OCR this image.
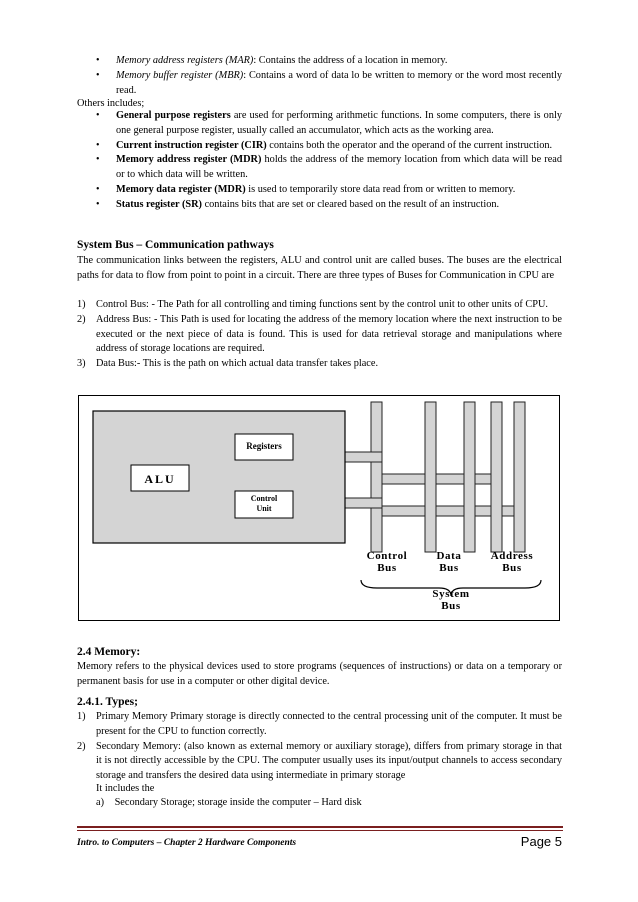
• Memory address registers (MAR): Contains the address of a location in memory.
• Memory buffer register (MBR): Contains a word of data lo be written to memory or the word most recently read.
Others includes;
• General purpose registers are used for performing arithmetic functions. In some computers, there is only one general purpose register, usually called an accumulator, which acts as the working area.
• Current instruction register (CIR) contains both the operator and the operand of the current instruction.
• Memory address register (MDR) holds the address of the memory location from which data will be read or to which data will be written.
• Memory data register (MDR) is used to temporarily store data read from or written to memory.
• Status register (SR) contains bits that are set or cleared based on the result of an instruction.
System Bus – Communication pathways
The communication links between the registers, ALU and control unit are called buses. The buses are the electrical paths for data to flow from point to point in a circuit. There are three types of Buses for Communication in CPU are
1) Control Bus: - The Path for all controlling and timing functions sent by the control unit to other units of CPU.
2) Address Bus: - This Path is used for locating the address of the memory location where the next instruction to be executed or the next piece of data is found. This is used for data retrieval storage and manipulations where address of storage locations are required.
3) Data Bus:- This is the path on which actual data transfer takes place.
ALU
Registers
Control
Unit
Control
Bus
Data
Bus
Address
Bus
System
Bus
2.4 Memory:
Memory refers to the physical devices used to store programs (sequences of instructions) or data on a temporary or permanent basis for use in a computer or other digital device.
2.4.1. Types;
1) Primary Memory Primary storage is directly connected to the central processing unit of the computer. It must be present for the CPU to function correctly.
2) Secondary Memory: (also known as external memory or auxiliary storage), differs from primary storage in that it is not directly accessible by the CPU. The computer usually uses its input/output channels to access secondary storage and transfers the desired data using intermediate in primary storage
It includes the
a) Secondary Storage; storage inside the computer – Hard disk
Intro. to Computers – Chapter 2 Hardware Components	Page 5
